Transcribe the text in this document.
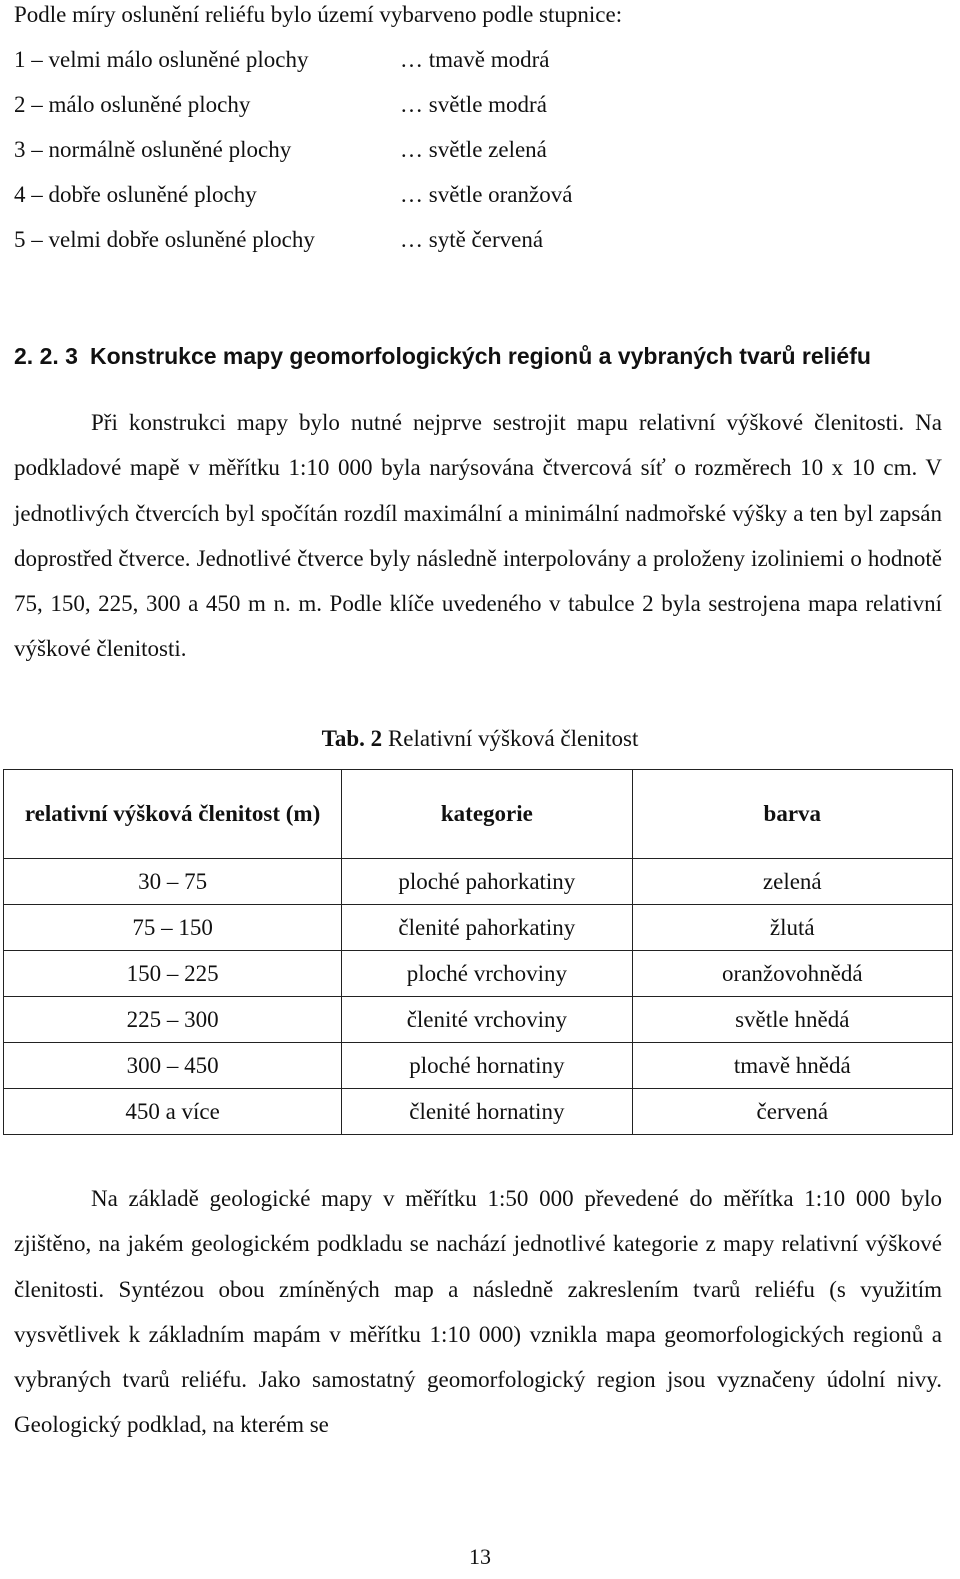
Podle míry oslunění reliéfu bylo území vybarveno podle stupnice:
1 – velmi málo osluněné plochy	… tmavě modrá
2 – málo osluněné plochy	… světle modrá
3 – normálně osluněné plochy	… světle zelená
4 – dobře osluněné plochy	… světle oranžová
5 – velmi dobře osluněné plochy	… sytě červená
2. 2. 3 Konstrukce mapy geomorfologických regionů a vybraných tvarů reliéfu
Při konstrukci mapy bylo nutné nejprve sestrojit mapu relativní výškové členitosti. Na podkladové mapě v měřítku 1:10 000 byla narýsována čtvercová síť o rozměrech 10 x 10 cm. V jednotlivých čtvercích byl spočítán rozdíl maximální a minimální nadmořské výšky a ten byl zapsán doprostřed čtverce. Jednotlivé čtverce byly následně interpolovány a proloženy izoliniemi o hodnotě 75, 150, 225, 300 a 450 m n. m. Podle klíče uvedeného v tabulce 2 byla sestrojena mapa relativní výškové členitosti.
Tab. 2 Relativní výšková členitost
relativní výšková členitost (m)	kategorie	barva
30 – 75	ploché pahorkatiny	zelená
75 – 150	členité pahorkatiny	žlutá
150 – 225	ploché vrchoviny	oranžovohnědá
225 – 300	členité vrchoviny	světle hnědá
300 – 450	ploché hornatiny	tmavě hnědá
450 a více	členité hornatiny	červená
Na základě geologické mapy v měřítku 1:50 000 převedené do měřítka 1:10 000 bylo zjištěno, na jakém geologickém podkladu se nachází jednotlivé kategorie z mapy relativní výškové členitosti. Syntézou obou zmíněných map a následně zakreslením tvarů reliéfu (s využitím vysvětlivek k základním mapám v měřítku 1:10 000) vznikla mapa geomorfologických regionů a vybraných tvarů reliéfu. Jako samostatný geomorfologický region jsou vyznačeny údolní nivy. Geologický podklad, na kterém se
13
